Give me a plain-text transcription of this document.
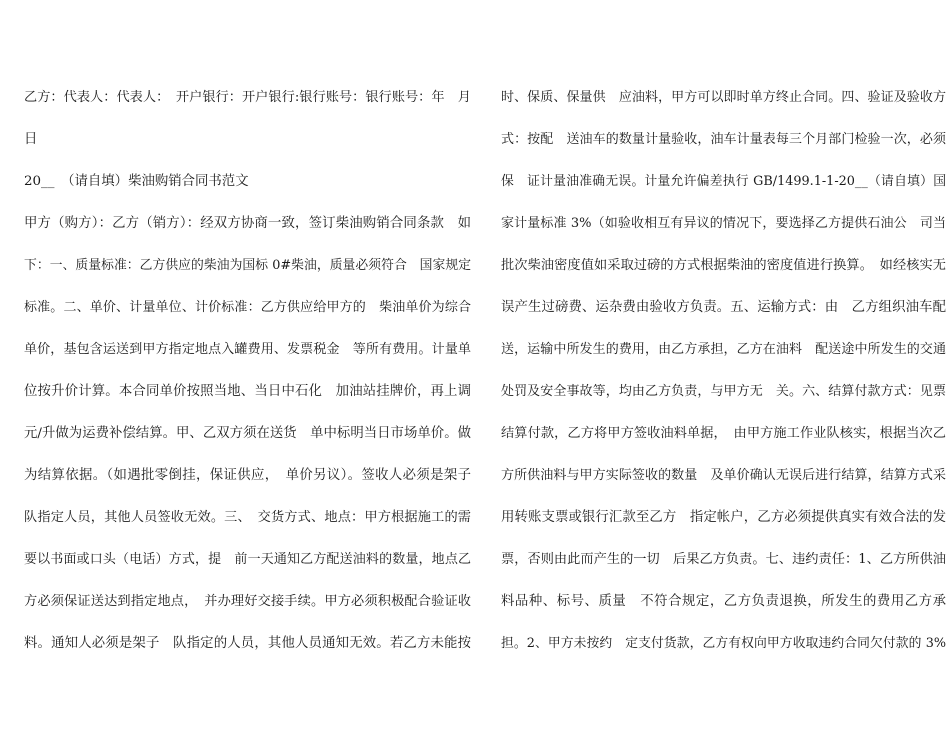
乙方：代表人：代表人：　开户银行：开户银行:银行账号：银行账号：年　月
日
20__　（请自填）柴油购销合同书范文
甲方（购方）：乙方（销方）：经双方协商一致，签订柴油购销合同条款　如
下：一、质量标准：乙方供应的柴油为国标 0#柴油，质量必须符合　国家规定
标准。二、单价、计量单位、计价标准：乙方供应给甲方的　柴油单价为综合
单价，基包含运送到甲方指定地点入罐费用、发票税金　等所有费用。计量单
位按升价计算。本合同单价按照当地、当日中石化　加油站挂牌价，再上调
元/升做为运费补偿结算。甲、乙双方须在送货　单中标明当日市场单价。做
为结算依据。（如遇批零倒挂，保证供应，　单价另议）。签收人必须是架子
队指定人员，其他人员签收无效。三、　交货方式、地点：甲方根据施工的需
要以书面或口头（电话）方式，提　前一天通知乙方配送油料的数量，地点乙
方必须保证送达到指定地点，　并办理好交接手续。甲方必须积极配合验证收
料。通知人必须是架子　队指定的人员，其他人员通知无效。若乙方未能按
时、保质、保量供　应油料，甲方可以即时单方终止合同。四、验证及验收方
式：按配　送油车的数量计量验收，油车计量表每三个月部门检验一次，必须
保　证计量油准确无误。计量允许偏差执行 GB/1499.1-1-20__（请自填）国
家计量标准 3%（如验收相互有异议的情况下，要选择乙方提供石油公　司当
批次柴油密度值如采取过磅的方式根据柴油的密度值进行换算。　如经核实无
误产生过磅费、运杂费由验收方负责。五、运输方式：由　乙方组织油车配
送，运输中所发生的费用，由乙方承担，乙方在油料　配送途中所发生的交通
处罚及安全事故等，均由乙方负责，与甲方无　关。六、结算付款方式：见票
结算付款，乙方将甲方签收油料单据，　由甲方施工作业队核实，根据当次乙
方所供油料与甲方实际签收的数量　及单价确认无误后进行结算，结算方式采
用转账支票或银行汇款至乙方　指定帐户，乙方必须提供真实有效合法的发
票，否则由此而产生的一切　后果乙方负责。七、违约责任：1、乙方所供油
料品种、标号、质量　不符合规定，乙方负责退换，所发生的费用乙方承
担。2、甲方未按约　定支付货款，乙方有权向甲方收取违约合同欠付款的 3%
